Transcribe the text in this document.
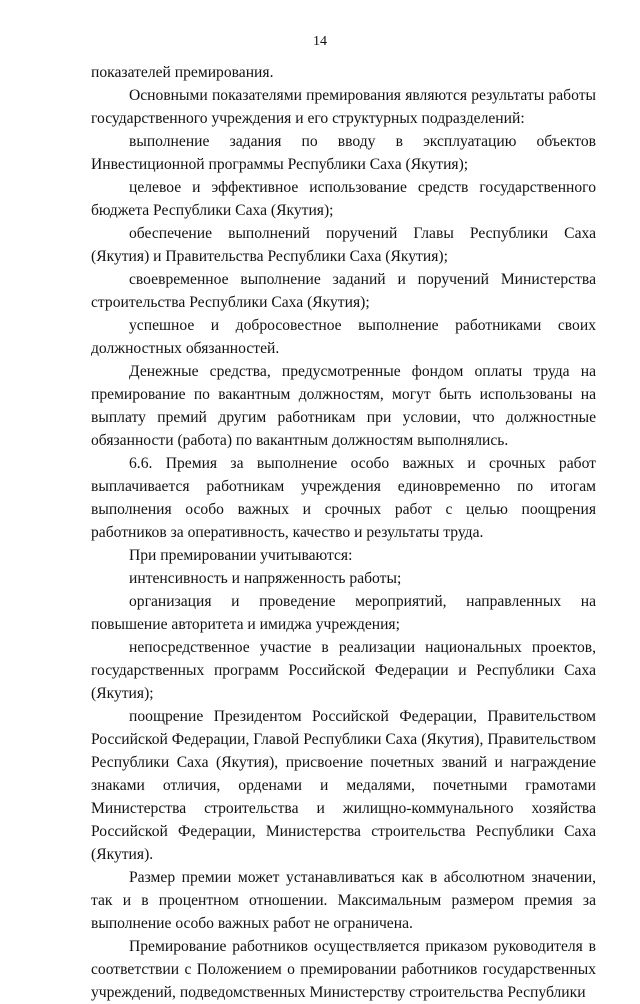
14

показателей премирования.

Основными показателями премирования являются результаты работы государственного учреждения и его структурных подразделений:

выполнение задания по вводу в эксплуатацию объектов Инвестиционной программы Республики Саха (Якутия);

целевое и эффективное использование средств государственного бюджета Республики Саха (Якутия);

обеспечение выполнений поручений Главы Республики Саха (Якутия) и Правительства Республики Саха (Якутия);

своевременное выполнение заданий и поручений Министерства строительства Республики Саха (Якутия);

успешное и добросовестное выполнение работниками своих должностных обязанностей.

Денежные средства, предусмотренные фондом оплаты труда на премирование по вакантным должностям, могут быть использованы на выплату премий другим работникам при условии, что должностные обязанности (работа) по вакантным должностям выполнялись.

6.6. Премия за выполнение особо важных и срочных работ выплачивается работникам учреждения единовременно по итогам выполнения особо важных и срочных работ с целью поощрения работников за оперативность, качество и результаты труда.

При премировании учитываются:

интенсивность и напряженность работы;

организация и проведение мероприятий, направленных на повышение авторитета и имиджа учреждения;

непосредственное участие в реализации национальных проектов, государственных программ Российской Федерации и Республики Саха (Якутия);

поощрение Президентом Российской Федерации, Правительством Российской Федерации, Главой Республики Саха (Якутия), Правительством Республики Саха (Якутия), присвоение почетных званий и награждение знаками отличия, орденами и медалями, почетными грамотами Министерства строительства и жилищно-коммунального хозяйства Российской Федерации, Министерства строительства Республики Саха (Якутия).

Размер премии может устанавливаться как в абсолютном значении, так и в процентном отношении. Максимальным размером премия за выполнение особо важных работ не ограничена.

Премирование работников осуществляется приказом руководителя в соответствии с Положением о премировании работников государственных учреждений, подведомственных Министерству строительства Республики
